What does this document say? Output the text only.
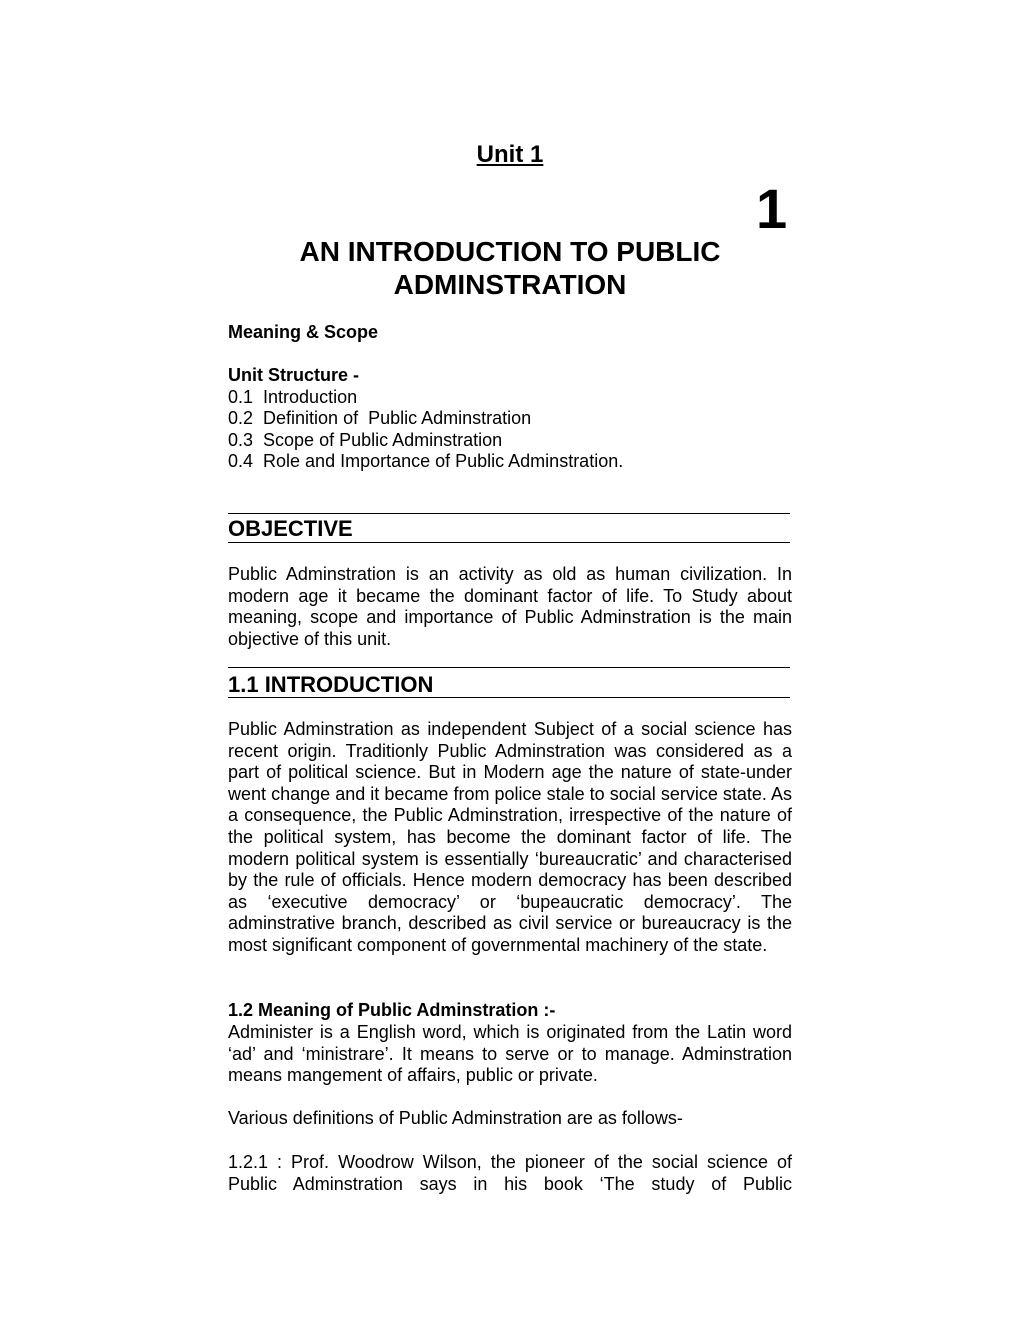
Unit 1
1
AN INTRODUCTION TO PUBLIC
ADMINSTRATION
Meaning & Scope
Unit Structure -
0.1  Introduction
0.2  Definition of  Public Adminstration
0.3  Scope of Public Adminstration
0.4  Role and Importance of Public Adminstration.
OBJECTIVE
Public Adminstration is an activity as old as human civilization. In modern age it became the dominant factor of life. To Study about meaning, scope and importance of Public Adminstration is the main objective of this unit.
1.1 INTRODUCTION
Public Adminstration as independent Subject of a social science has recent origin. Traditionly Public Adminstration was considered as a part of political science. But in Modern age the nature of state-under went change and it became from police stale to social service state. As a consequence, the Public Adminstration, irrespective of the nature of the political system, has become the dominant factor of life. The modern political system is essentially ‘bureaucratic’ and characterised by the rule of officials. Hence modern democracy has been described as ‘executive democracy’ or ‘bupeaucratic democracy’. The adminstrative branch, described as civil service or bureaucracy is the most significant component of governmental machinery of the state.
1.2 Meaning of Public Adminstration :-
Administer is a English word, which is originated from the Latin word ‘ad’ and ‘ministrare’. It means to serve or to manage. Adminstration means mangement of affairs, public or private.
Various definitions of Public Adminstration are as follows-
1.2.1 : Prof. Woodrow Wilson, the pioneer of the social science of Public Adminstration says in his book ‘The study of Public
